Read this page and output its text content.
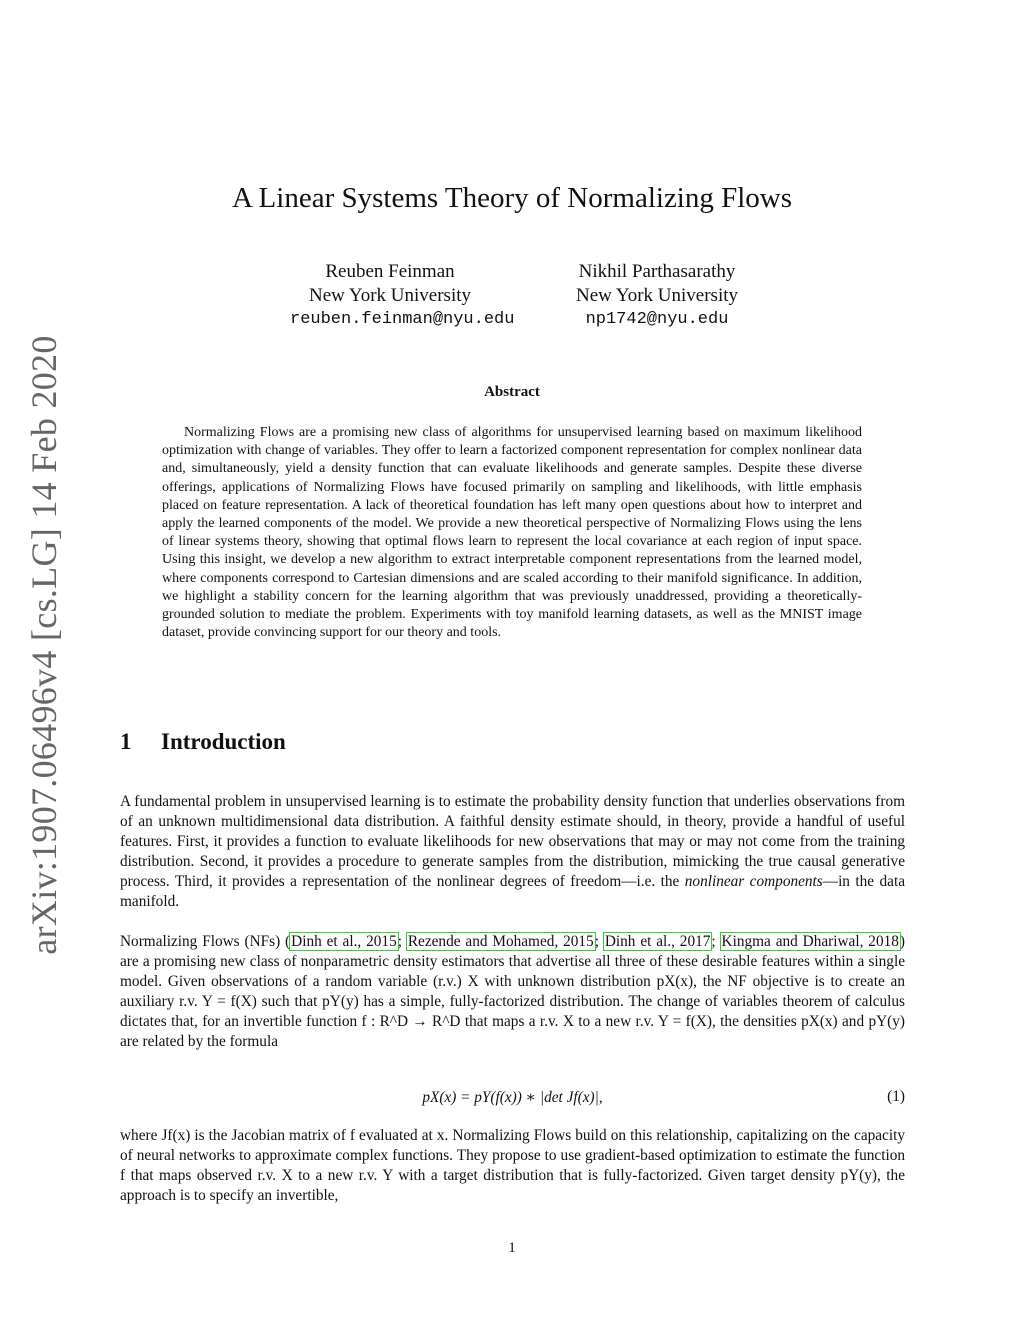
arXiv:1907.06496v4 [cs.LG] 14 Feb 2020
A Linear Systems Theory of Normalizing Flows
Reuben Feinman
New York University
reuben.feinman@nyu.edu
Nikhil Parthasarathy
New York University
np1742@nyu.edu
Abstract

Normalizing Flows are a promising new class of algorithms for unsupervised learning based on maximum likelihood optimization with change of variables. They offer to learn a factorized component representation for complex nonlinear data and, simultaneously, yield a density function that can evaluate likelihoods and generate samples. Despite these diverse offerings, applications of Normalizing Flows have focused primarily on sampling and likelihoods, with little emphasis placed on feature representation. A lack of theoretical foundation has left many open questions about how to interpret and apply the learned components of the model. We provide a new theoretical perspective of Normalizing Flows using the lens of linear systems theory, showing that optimal flows learn to represent the local covariance at each region of input space. Using this insight, we develop a new algorithm to extract interpretable component representations from the learned model, where components correspond to Cartesian dimensions and are scaled according to their manifold significance. In addition, we highlight a stability concern for the learning algorithm that was previously unaddressed, providing a theoretically-grounded solution to mediate the problem. Experiments with toy manifold learning datasets, as well as the MNIST image dataset, provide convincing support for our theory and tools.

1 Introduction

A fundamental problem in unsupervised learning is to estimate the probability density function that underlies observations from of an unknown multidimensional data distribution. A faithful density estimate should, in theory, provide a handful of useful features. First, it provides a function to evaluate likelihoods for new observations that may or may not come from the training distribution. Second, it provides a procedure to generate samples from the distribution, mimicking the true causal generative process. Third, it provides a representation of the nonlinear degrees of freedom—i.e. the nonlinear components—in the data manifold.

Normalizing Flows (NFs) (Dinh et al., 2015; Rezende and Mohamed, 2015; Dinh et al., 2017; Kingma and Dhariwal, 2018) are a promising new class of nonparametric density estimators that advertise all three of these desirable features within a single model. Given observations of a random variable (r.v.) X with unknown distribution pX(x), the NF objective is to create an auxiliary r.v. Y = f(X) such that pY(y) has a simple, fully-factorized distribution. The change of variables theorem of calculus dictates that, for an invertible function f : R^D → R^D that maps a r.v. X to a new r.v. Y = f(X), the densities pX(x) and pY(y) are related by the formula

pX(x) = pY(f(x)) ∗ |det Jf(x)|,	(1)

where Jf(x) is the Jacobian matrix of f evaluated at x. Normalizing Flows build on this relationship, capitalizing on the capacity of neural networks to approximate complex functions. They propose to use gradient-based optimization to estimate the function f that maps observed r.v. X to a new r.v. Y with a target distribution that is fully-factorized. Given target density pY(y), the approach is to specify an invertible,

1
